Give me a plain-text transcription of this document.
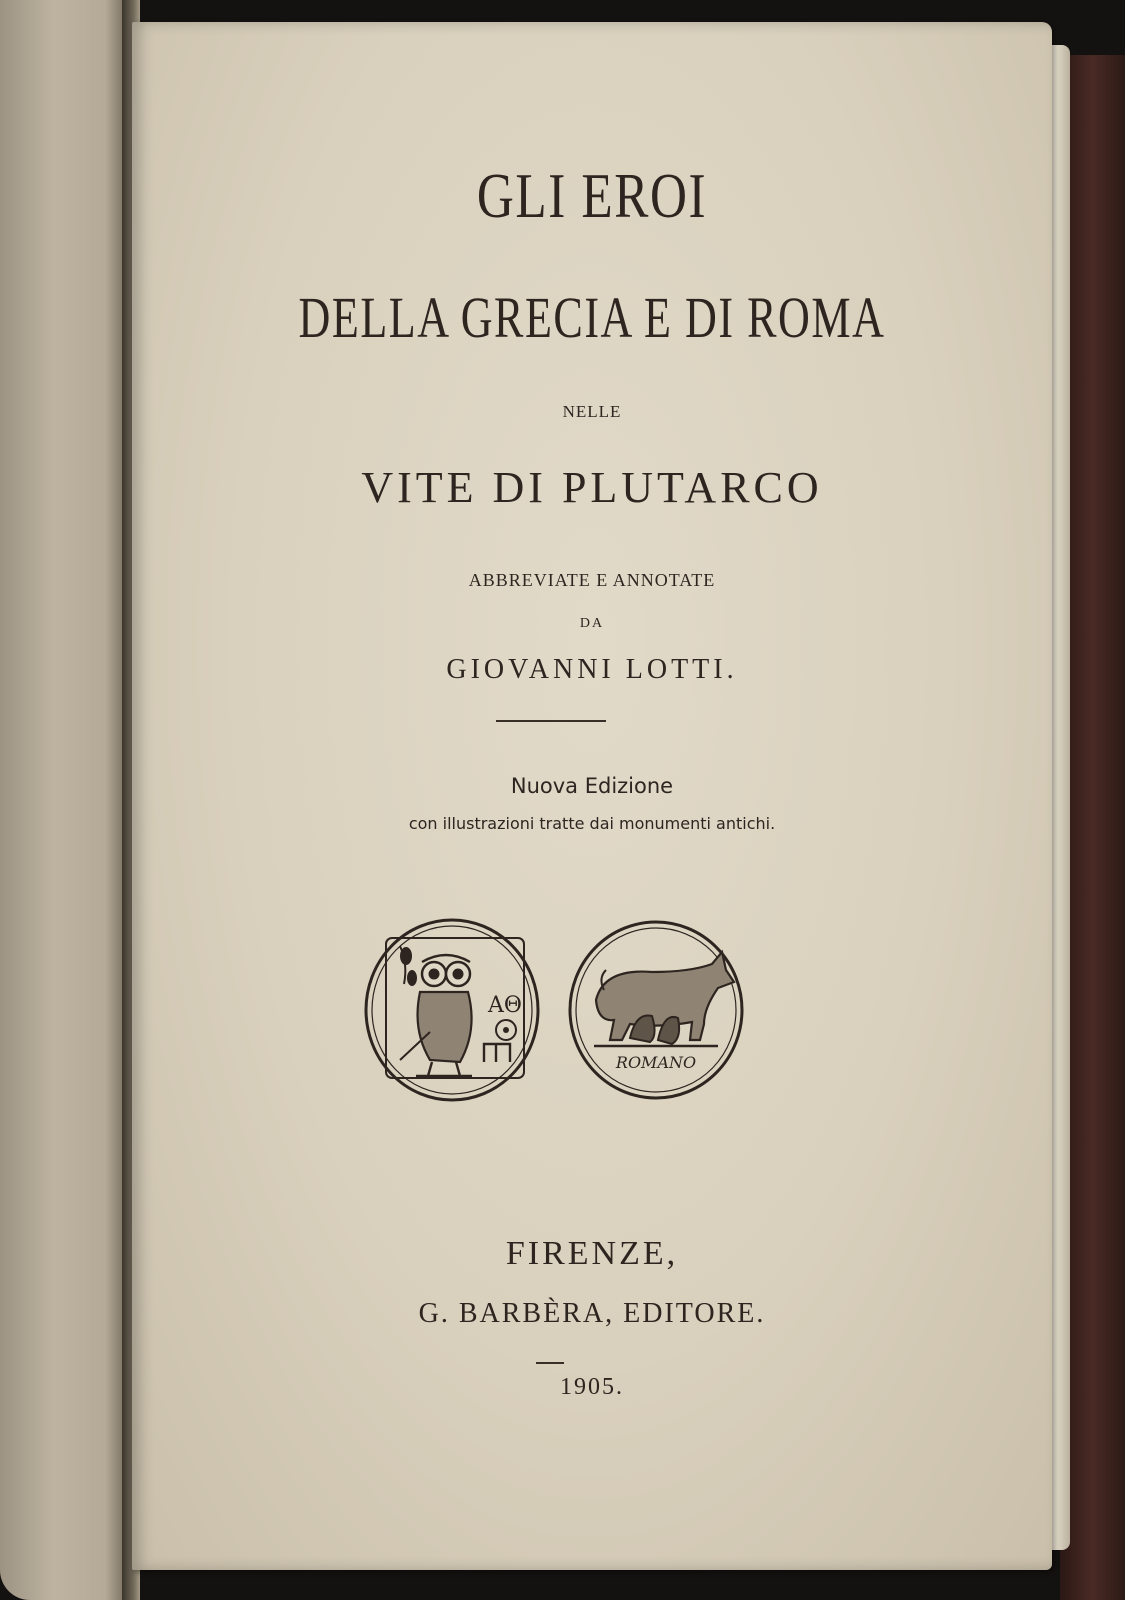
GLI EROI
DELLA GRECIA E DI ROMA
NELLE
VITE DI PLUTARCO
ABBREVIATE E ANNOTATE
DA
GIOVANNI LOTTI.
Nuova Edizione
con illustrazioni tratte dai monumenti antichi.
ΑΘ
ROMANO
FIRENZE,
G. BARBÈRA, EDITORE.
1905.
